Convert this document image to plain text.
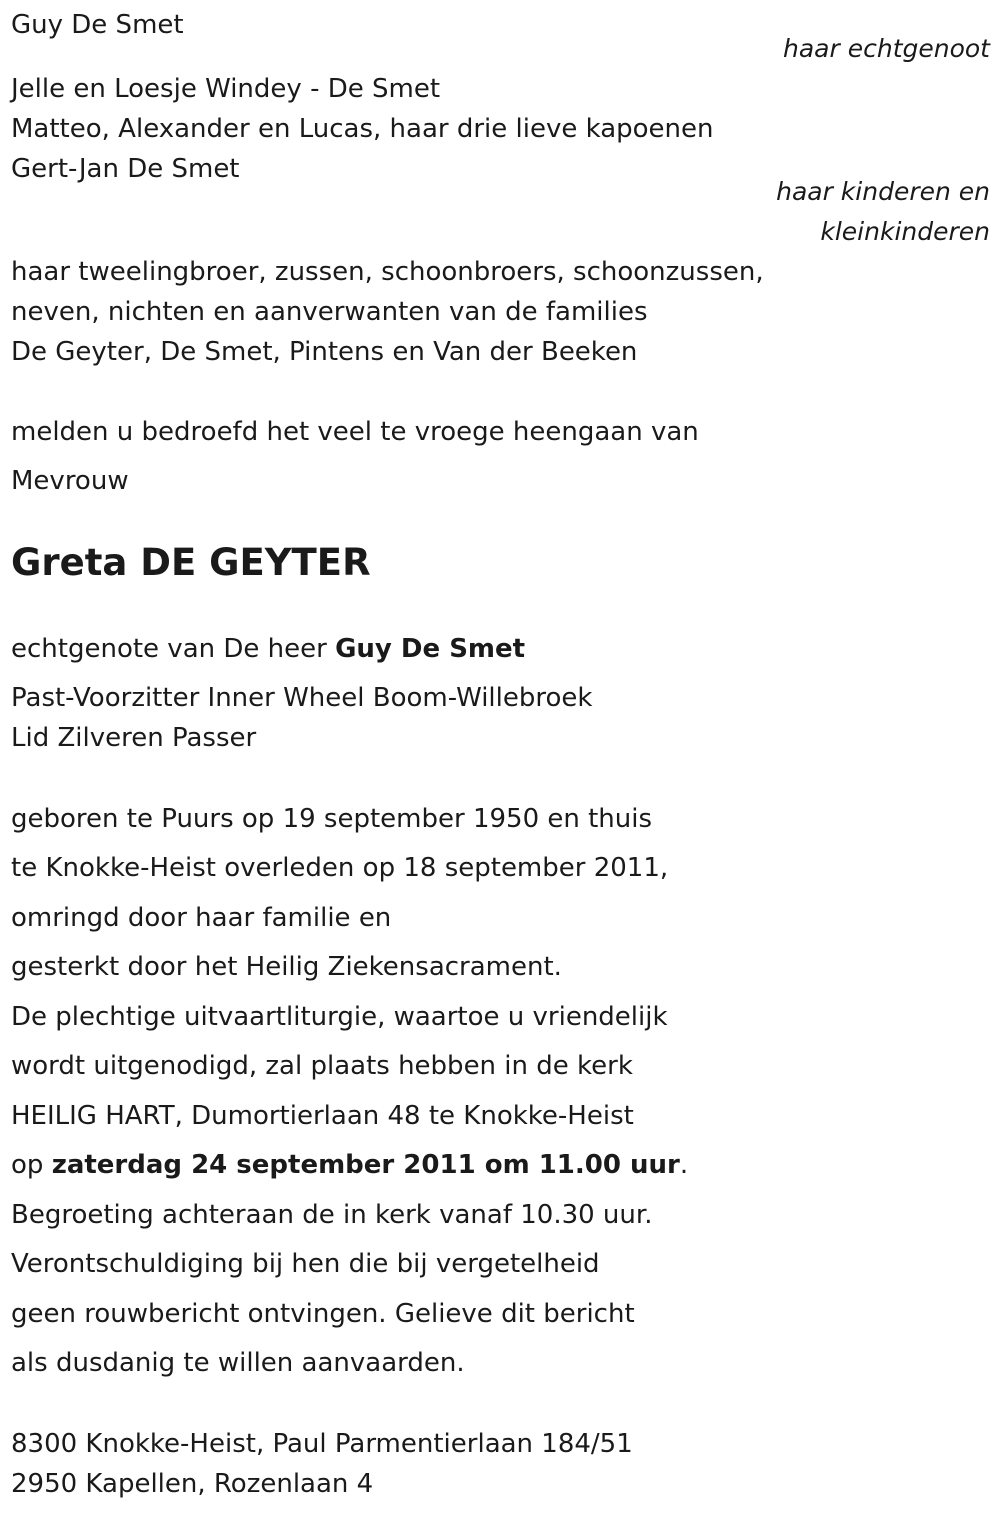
Guy De Smet
haar echtgenoot
Jelle en Loesje Windey - De Smet
Matteo, Alexander en Lucas, haar drie lieve kapoenen
Gert-Jan De Smet
haar kinderen en
kleinkinderen
haar tweelingbroer, zussen, schoonbroers, schoonzussen,
neven, nichten en aanverwanten van de families
De Geyter, De Smet, Pintens en Van der Beeken
melden u bedroefd het veel te vroege heengaan van
Mevrouw
Greta DE GEYTER
echtgenote van De heer Guy De Smet
Past-Voorzitter Inner Wheel Boom-Willebroek
Lid Zilveren Passer
geboren te Puurs op 19 september 1950 en thuis
te Knokke-Heist overleden op 18 september 2011,
omringd door haar familie en
gesterkt door het Heilig Ziekensacrament.
De plechtige uitvaartliturgie, waartoe u vriendelijk
wordt uitgenodigd, zal plaats hebben in de kerk
HEILIG HART, Dumortierlaan 48 te Knokke-Heist
op zaterdag 24 september 2011 om 11.00 uur.
Begroeting achteraan de in kerk vanaf 10.30 uur.
Verontschuldiging bij hen die bij vergetelheid
geen rouwbericht ontvingen. Gelieve dit bericht
als dusdanig te willen aanvaarden.
8300 Knokke-Heist, Paul Parmentierlaan 184/51
2950 Kapellen, Rozenlaan 4
